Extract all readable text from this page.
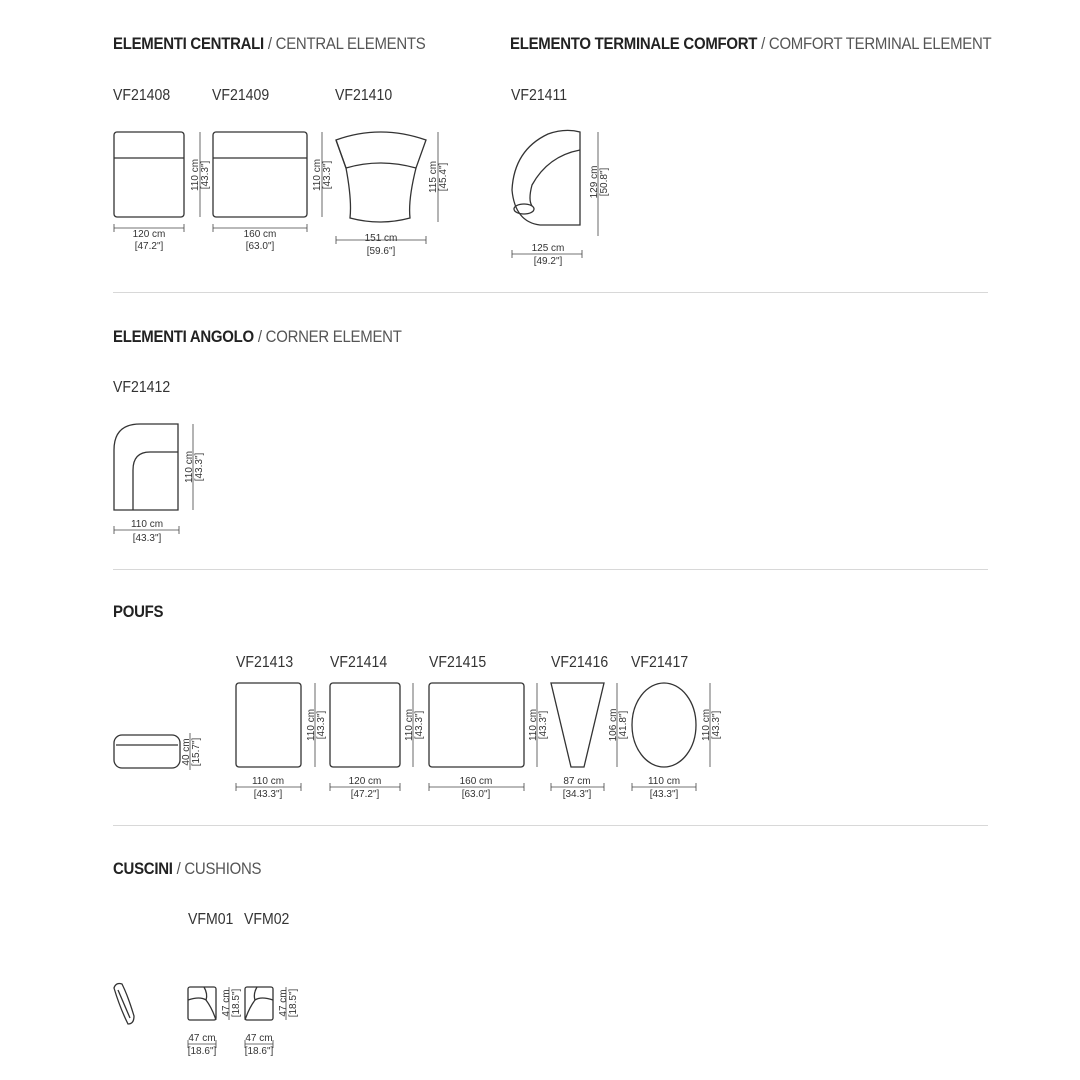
ELEMENTI CENTRALI / CENTRAL ELEMENTS	ELEMENTO TERMINALE COMFORT / COMFORT TERMINAL ELEMENT
ELEMENTI ANGOLO / CORNER ELEMENT
POUFS
CUSCINI / CUSHIONS
VF21408	VF21409	VF21410	VF21411
VF21412
VF21413 VF21414	VF21415	VF21416 VF21417
VFM01 VFM02
120 cm
[47.2"]
110 cm [43.3"]
160 cm
[63.0"]
110 cm [43.3"]
151 cm
[59.6"]
115 cm [45.4"]
125 cm
[49.2"]
129 cm [50.8"]
110 cm
[43.3"]
110 cm [43.3"]
40 cm [15.7"]
110 cm
[43.3"]
110 cm [43.3"]
120 cm
[47.2"]
110 cm [43.3"]
160 cm
[63.0"]
110 cm [43.3"]
87 cm
[34.3"]
106 cm [41.8"]
110 cm
[43.3"]
110 cm [43.3"]
47 cm
[18.6"]
47 cm [18.5"]
47 cm
[18.6"]
47 cm [18.5"]
